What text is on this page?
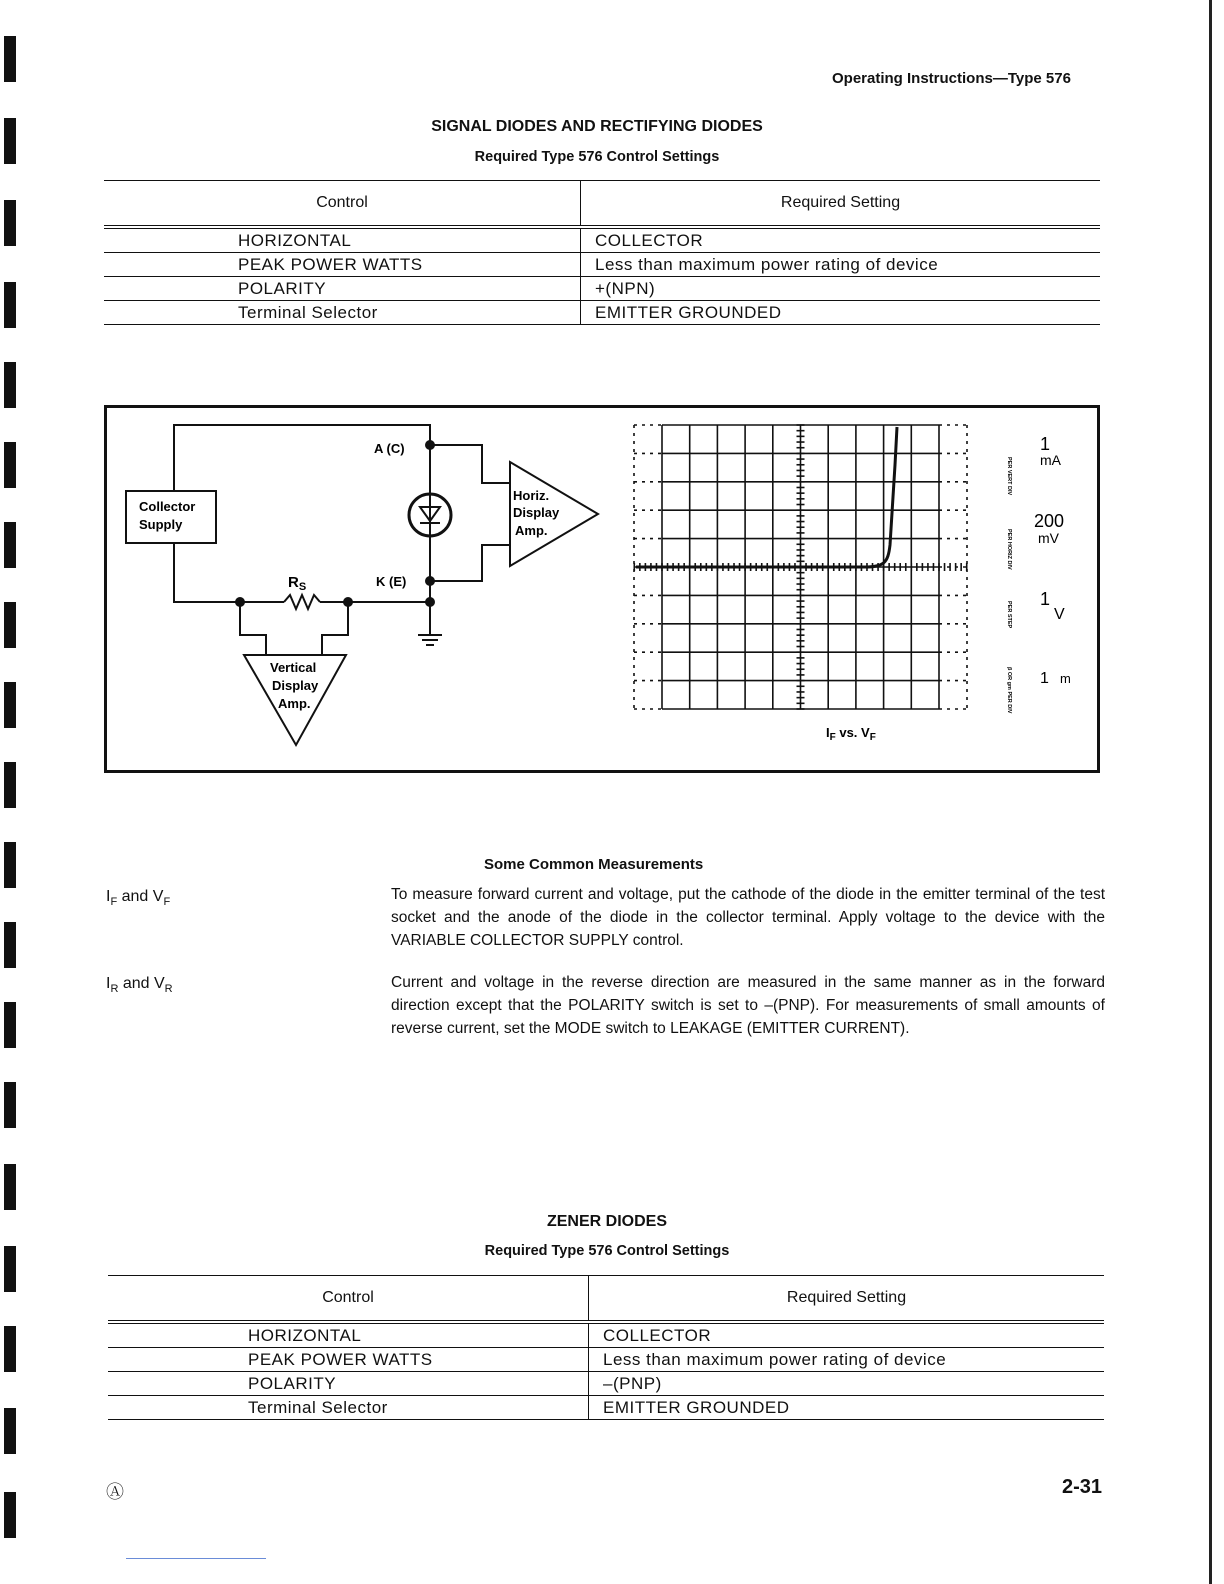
Operating Instructions—Type 576
SIGNAL DIODES AND RECTIFYING DIODES
Required Type 576 Control Settings
Control	Required Setting
HORIZONTAL	COLLECTOR
PEAK POWER WATTS	Less than maximum power rating of device
POLARITY	+(NPN)
Terminal Selector	EMITTER GROUNDED
Collector
Supply
A (C)
K (E)
$R_S$
Horiz.
Display
Amp.
Vertical
Display
Amp.
$I_F$ vs. $V_F$
PER VERT DIV
1
mA
PER HORIZ DIV
200
mV
PER STEP
1
V
β OR gm PER DIV 1 m
Some Common Measurements
$I_F$ and $V_F$	To measure forward current and voltage, put the cathode of the diode in the emitter terminal of the test socket and the anode of the diode in the collector terminal. Apply voltage to the device with the VARIABLE COLLECTOR SUPPLY control.
$I_R$ and $V_R$	Current and voltage in the reverse direction are measured in the same manner as in the forward direction except that the POLARITY switch is set to –(PNP). For measurements of small amounts of reverse current, set the MODE switch to LEAKAGE (EMITTER CURRENT).
ZENER DIODES
Required Type 576 Control Settings
Control	Required Setting
HORIZONTAL	COLLECTOR
PEAK POWER WATTS	Less than maximum power rating of device
POLARITY	–(PNP)
Terminal Selector	EMITTER GROUNDED
Ⓐ	2-31
